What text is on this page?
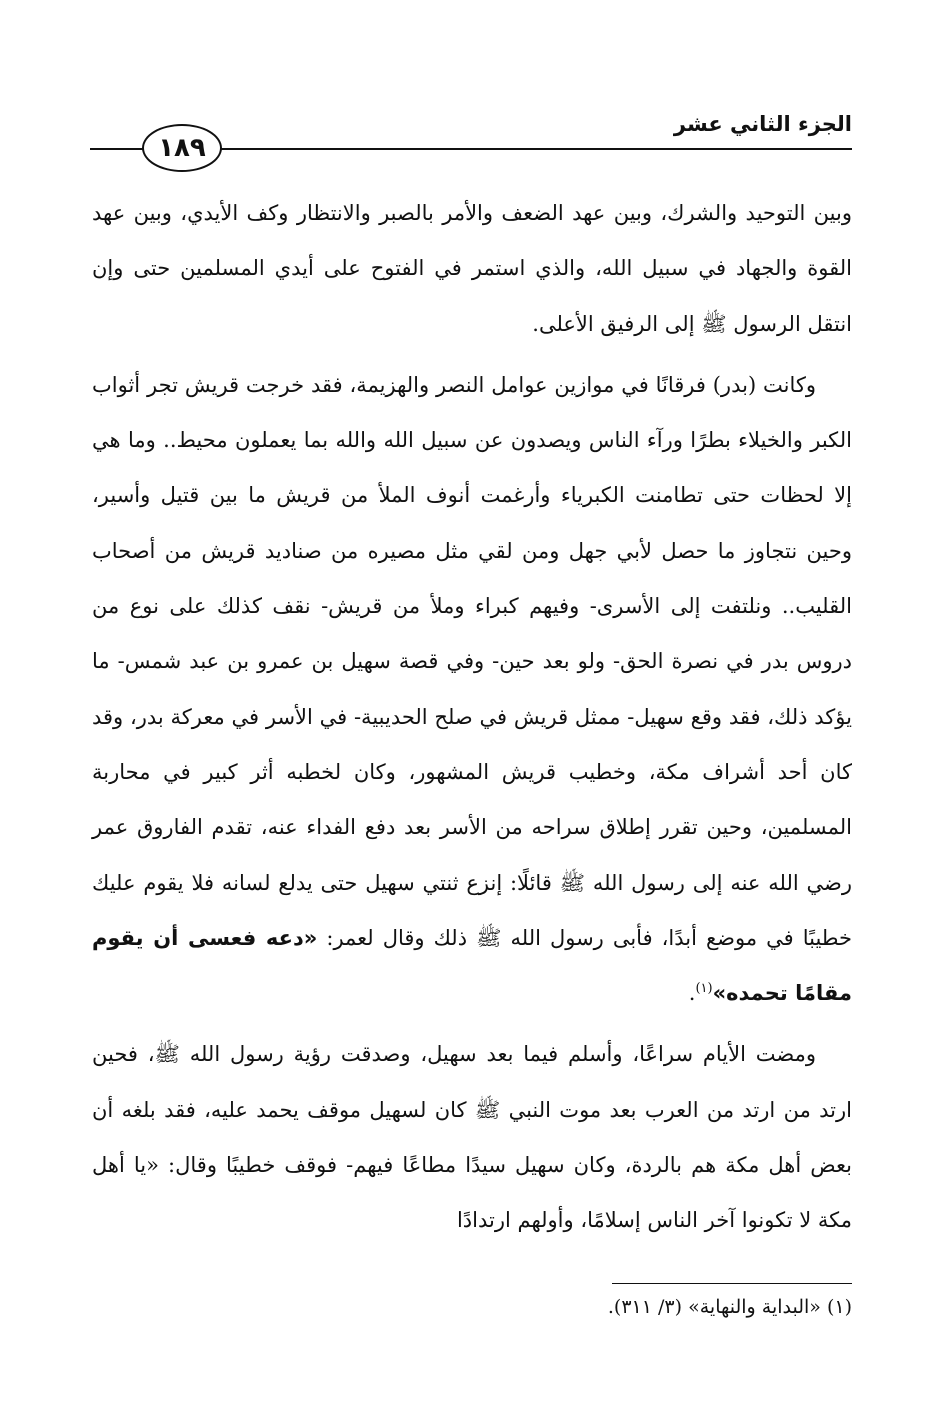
الجزء الثاني عشر
١٨٩

وبين التوحيد والشرك، وبين عهد الضعف والأمر بالصبر والانتظار وكف الأيدي، وبين عهد القوة والجهاد في سبيل الله، والذي استمر في الفتوح على أيدي المسلمين حتى وإن انتقل الرسول ﷺ إلى الرفيق الأعلى.

وكانت (بدر) فرقانًا في موازين عوامل النصر والهزيمة، فقد خرجت قريش تجر أثواب الكبر والخيلاء بطرًا ورآء الناس ويصدون عن سبيل الله والله بما يعملون محيط.. وما هي إلا لحظات حتى تطامنت الكبرياء وأرغمت أنوف الملأ من قريش ما بين قتيل وأسير، وحين نتجاوز ما حصل لأبي جهل ومن لقي مثل مصيره من صناديد قريش من أصحاب القليب.. ونلتفت إلى الأسرى- وفيهم كبراء وملأ من قريش- نقف كذلك على نوع من دروس بدر في نصرة الحق- ولو بعد حين- وفي قصة سهيل بن عمرو بن عبد شمس- ما يؤكد ذلك، فقد وقع سهيل- ممثل قريش في صلح الحديبية- في الأسر في معركة بدر، وقد كان أحد أشراف مكة، وخطيب قريش المشهور، وكان لخطبه أثر كبير في محاربة المسلمين، وحين تقرر إطلاق سراحه من الأسر بعد دفع الفداء عنه، تقدم الفاروق عمر رضي الله عنه إلى رسول الله ﷺ قائلًا: إنزع ثنتي سهيل حتى يدلع لسانه فلا يقوم عليك خطيبًا في موضع أبدًا، فأبى رسول الله ﷺ ذلك وقال لعمر: «دعه فعسى أن يقوم مقامًا تحمده»$^{(١)}$.

ومضت الأيام سراعًا، وأسلم فيما بعد سهيل، وصدقت رؤية رسول الله ﷺ، فحين ارتد من ارتد من العرب بعد موت النبي ﷺ كان لسهيل موقف يحمد عليه، فقد بلغه أن بعض أهل مكة هم بالردة، وكان سهيل سيدًا مطاعًا فيهم- فوقف خطيبًا وقال: «يا أهل مكة لا تكونوا آخر الناس إسلامًا، وأولهم ارتدادًا

(١) «البداية والنهاية» (٣/ ٣١١).
